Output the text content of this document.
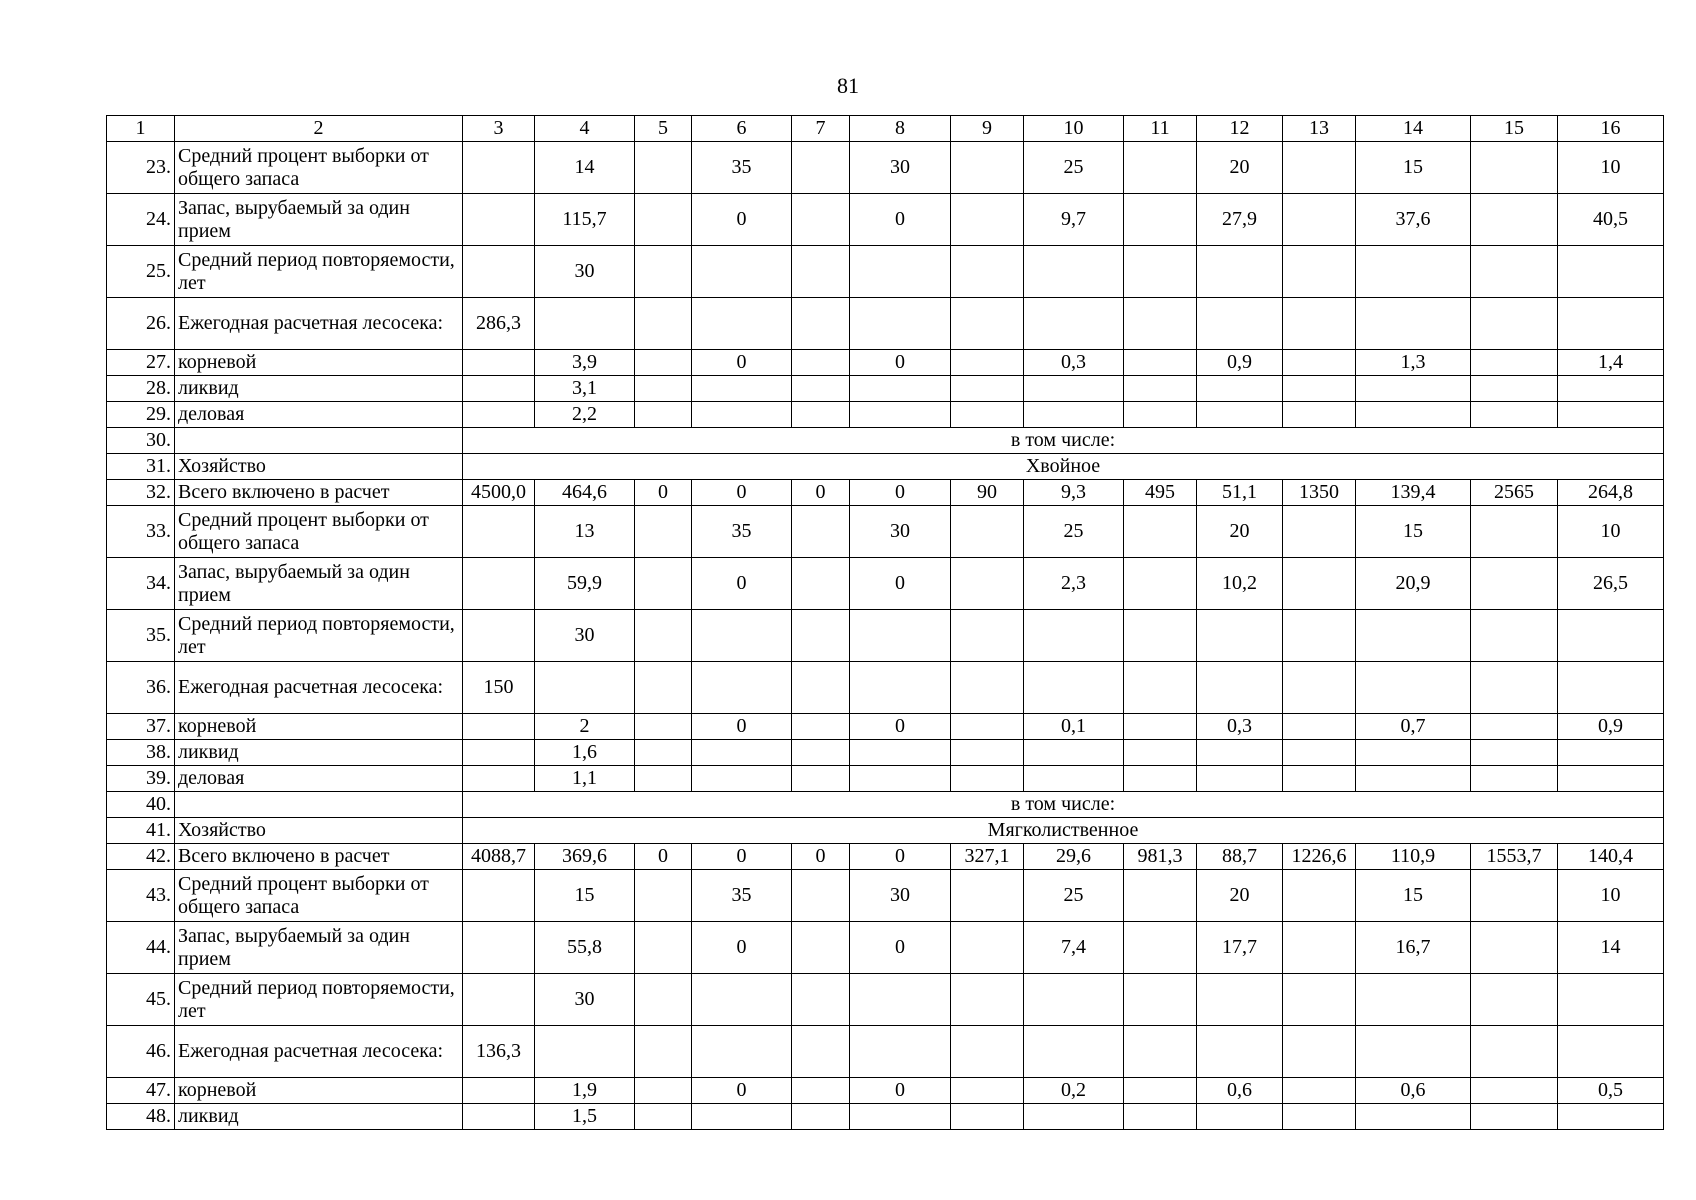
81
1	2	3	4	5	6	7	8	9	10	11	12	13	14	15	16
23.	Средний процент выборки от общего запаса		14		35		30		25		20		15		10
24.	Запас, вырубаемый за один прием		115,7		0		0		9,7		27,9		37,6		40,5
25.	Средний период повторяемости, лет		30												
26.	Ежегодная расчетная лесосека:	286,3													
27.	корневой		3,9		0		0		0,3		0,9		1,3		1,4
28.	ликвид		3,1												
29.	деловая		2,2												
30.		в том числе:													
31.	Хозяйство	Хвойное													
32.	Всего включено в расчет	4500,0	464,6	0	0	0	0	90	9,3	495	51,1	1350	139,4	2565	264,8
33.	Средний процент выборки от общего запаса		13		35		30		25		20		15		10
34.	Запас, вырубаемый за один прием		59,9		0		0		2,3		10,2		20,9		26,5
35.	Средний период повторяемости, лет		30												
36.	Ежегодная расчетная лесосека:	150													
37.	корневой		2		0		0		0,1		0,3		0,7		0,9
38.	ликвид		1,6												
39.	деловая		1,1												
40.		в том числе:													
41.	Хозяйство	Мягколиственное													
42.	Всего включено в расчет	4088,7	369,6	0	0	0	0	327,1	29,6	981,3	88,7	1226,6	110,9	1553,7	140,4
43.	Средний процент выборки от общего запаса		15		35		30		25		20		15		10
44.	Запас, вырубаемый за один прием		55,8		0		0		7,4		17,7		16,7		14
45.	Средний период повторяемости, лет		30												
46.	Ежегодная расчетная лесосека:	136,3													
47.	корневой		1,9		0		0		0,2		0,6		0,6		0,5
48.	ликвид		1,5												
